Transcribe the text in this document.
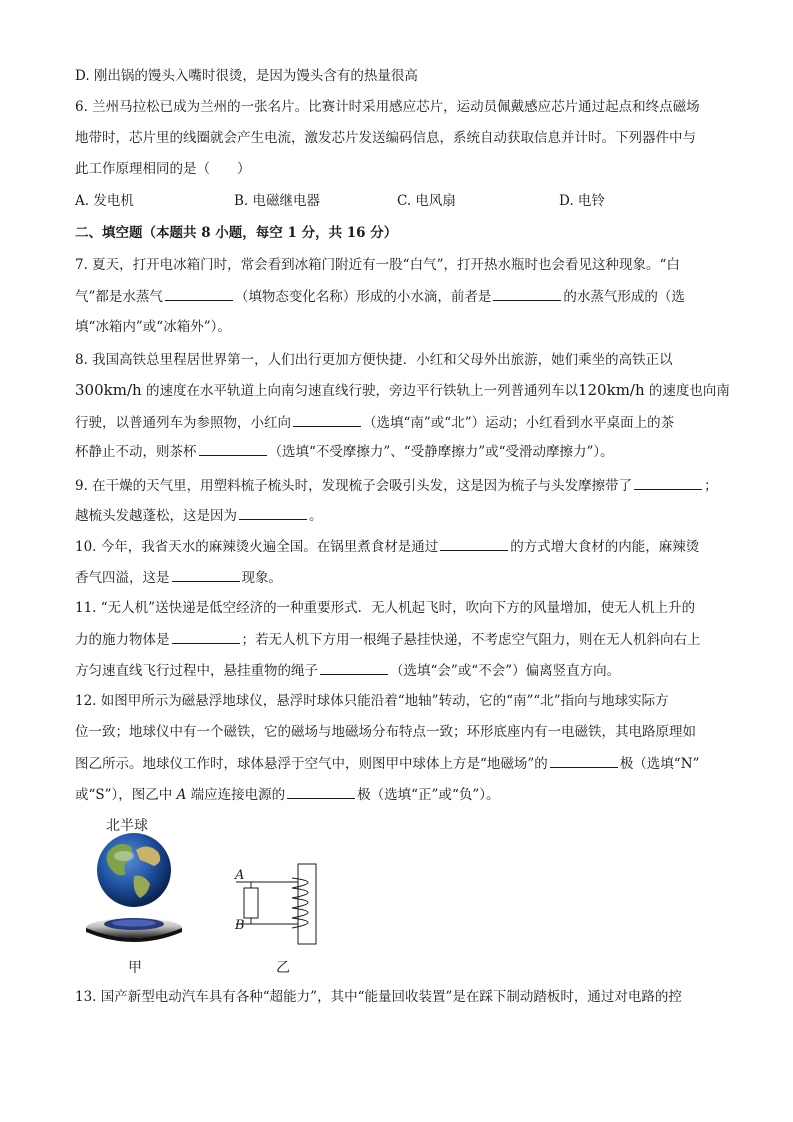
D. 刚出锅的馒头入嘴时很烫，是因为馒头含有的热量很高
6. 兰州马拉松已成为兰州的一张名片。比赛计时采用感应芯片，运动员佩戴感应芯片通过起点和终点磁场
地带时，芯片里的线圈就会产生电流，激发芯片发送编码信息，系统自动获取信息并计时。下列器件中与
此工作原理相同的是（　　）
A. 发电机	B. 电磁继电器	C. 电风扇	D. 电铃
二、填空题（本题共 8 小题，每空 1 分，共 16 分）
7. 夏天，打开电冰箱门时，常会看到冰箱门附近有一股“白气”，打开热水瓶时也会看见这种现象。“白
气”都是水蒸气	（填物态变化名称）形成的小水滴，前者是	的水蒸气形成的（选
填“冰箱内”或“冰箱外”）。
8. 我国高铁总里程居世界第一，人们出行更加方便快捷．小红和父母外出旅游，她们乘坐的高铁正以
300km/h 的速度在水平轨道上向南匀速直线行驶，旁边平行铁轨上一列普通列车以120km/h 的速度也向南
行驶，以普通列车为参照物，小红向	（选填“南”或“北”）运动；小红看到水平桌面上的茶
杯静止不动，则茶杯	（选填“不受摩擦力”、“受静摩擦力”或“受滑动摩擦力”）。
9. 在干燥的天气里，用塑料梳子梳头时，发现梳子会吸引头发，这是因为梳子与头发摩擦带了	；
越梳头发越蓬松，这是因为	。
10. 今年，我省天水的麻辣烫火遍全国。在锅里煮食材是通过	的方式增大食材的内能，麻辣烫
香气四溢，这是	现象。
11. “无人机”送快递是低空经济的一种重要形式．无人机起飞时，吹向下方的风量增加，使无人机上升的
力的施力物体是	；若无人机下方用一根绳子悬挂快递，不考虑空气阻力，则在无人机斜向右上
方匀速直线飞行过程中，悬挂重物的绳子	（选填“会”或“不会”）偏离竖直方向。
12. 如图甲所示为磁悬浮地球仪，悬浮时球体只能沿着“地轴”转动，它的“南”“北”指向与地球实际方
位一致；地球仪中有一个磁铁，它的磁场与地磁场分布特点一致；环形底座内有一电磁铁，其电路原理如
图乙所示。地球仪工作时，球体悬浮于空气中，则图甲中球体上方是“地磁场”的	极（选填“N”
或“S”），图乙中 A 端应连接电源的	极（选填“正”或“负”）。
北半球
甲
A
B
乙
13. 国产新型电动汽车具有各种“超能力”，其中“能量回收装置”是在踩下制动踏板时，通过对电路的控
